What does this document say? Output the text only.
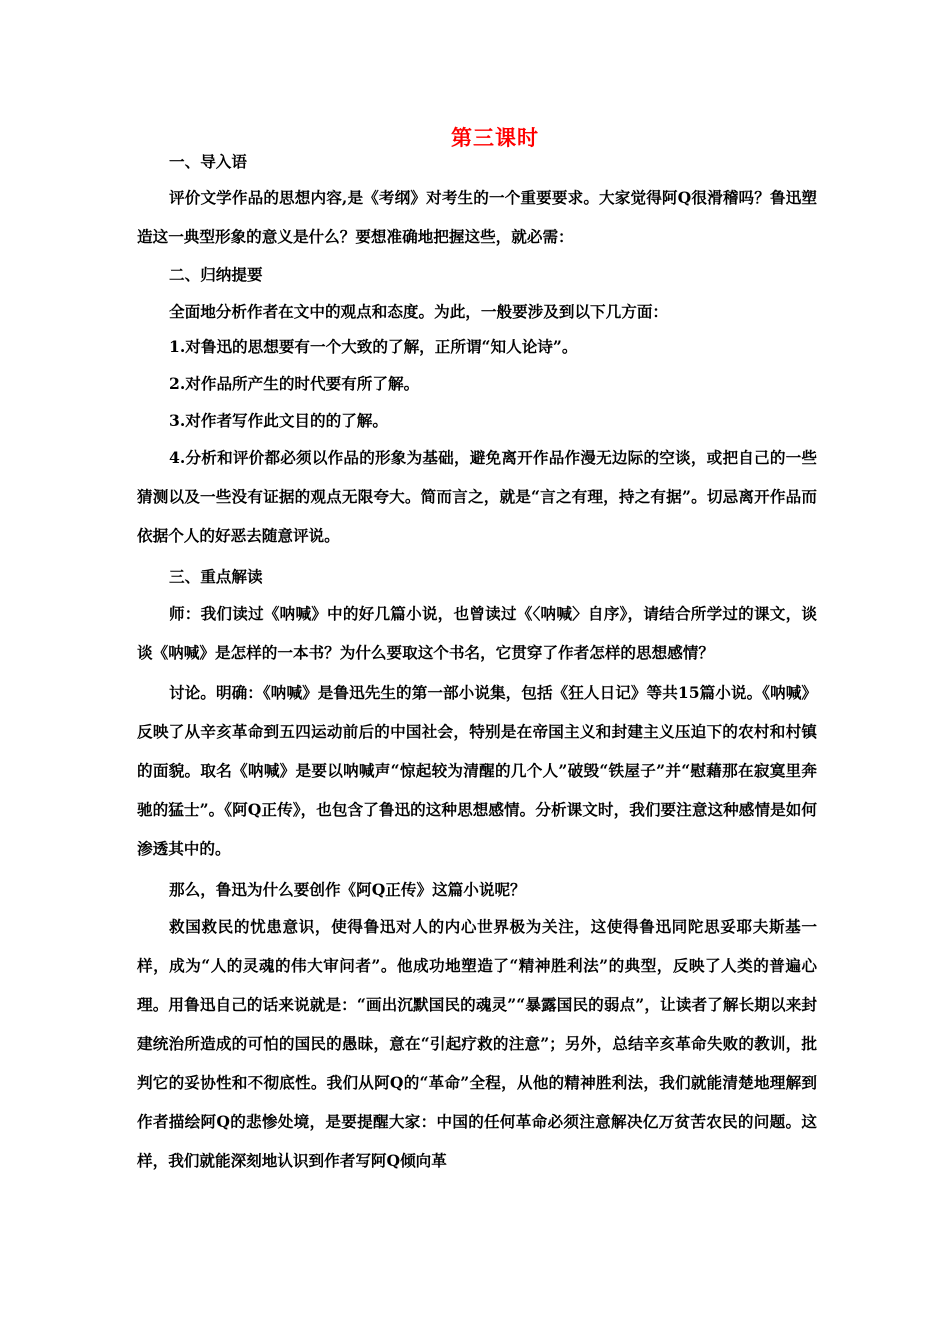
第三课时

一、导入语

评价文学作品的思想内容,是《考纲》对考生的一个重要要求。大家觉得阿Q很滑稽吗？鲁迅塑造这一典型形象的意义是什么？要想准确地把握这些，就必需：

二、归纳提要

全面地分析作者在文中的观点和态度。为此，一般要涉及到以下几方面：

1.对鲁迅的思想要有一个大致的了解，正所谓“知人论诗”。

2.对作品所产生的时代要有所了解。

3.对作者写作此文目的的了解。

4.分析和评价都必须以作品的形象为基础，避免离开作品作漫无边际的空谈，或把自己的一些猜测以及一些没有证据的观点无限夸大。简而言之，就是“言之有理，持之有据”。切忌离开作品而依据个人的好恶去随意评说。

三、重点解读

师：我们读过《呐喊》中的好几篇小说，也曾读过《〈呐喊〉自序》，请结合所学过的课文，谈谈《呐喊》是怎样的一本书？为什么要取这个书名，它贯穿了作者怎样的思想感情？

讨论。明确：《呐喊》是鲁迅先生的第一部小说集，包括《狂人日记》等共15篇小说。《呐喊》反映了从辛亥革命到五四运动前后的中国社会，特别是在帝国主义和封建主义压迫下的农村和村镇的面貌。取名《呐喊》是要以呐喊声“惊起较为清醒的几个人”破毁“铁屋子”并“慰藉那在寂寞里奔驰的猛士”。《阿Q正传》，也包含了鲁迅的这种思想感情。分析课文时，我们要注意这种感情是如何渗透其中的。

那么，鲁迅为什么要创作《阿Q正传》这篇小说呢？

救国救民的忧患意识，使得鲁迅对人的内心世界极为关注，这使得鲁迅同陀思妥耶夫斯基一样，成为“人的灵魂的伟大审问者”。他成功地塑造了“精神胜利法”的典型，反映了人类的普遍心理。用鲁迅自己的话来说就是：“画出沉默国民的魂灵”“暴露国民的弱点”，让读者了解长期以来封建统治所造成的可怕的国民的愚昧，意在“引起疗救的注意”；另外，总结辛亥革命失败的教训，批判它的妥协性和不彻底性。我们从阿Q的“革命”全程，从他的精神胜利法，我们就能清楚地理解到作者描绘阿Q的悲惨处境，是要提醒大家：中国的任何革命必须注意解决亿万贫苦农民的问题。这样，我们就能深刻地认识到作者写阿Q倾向革
